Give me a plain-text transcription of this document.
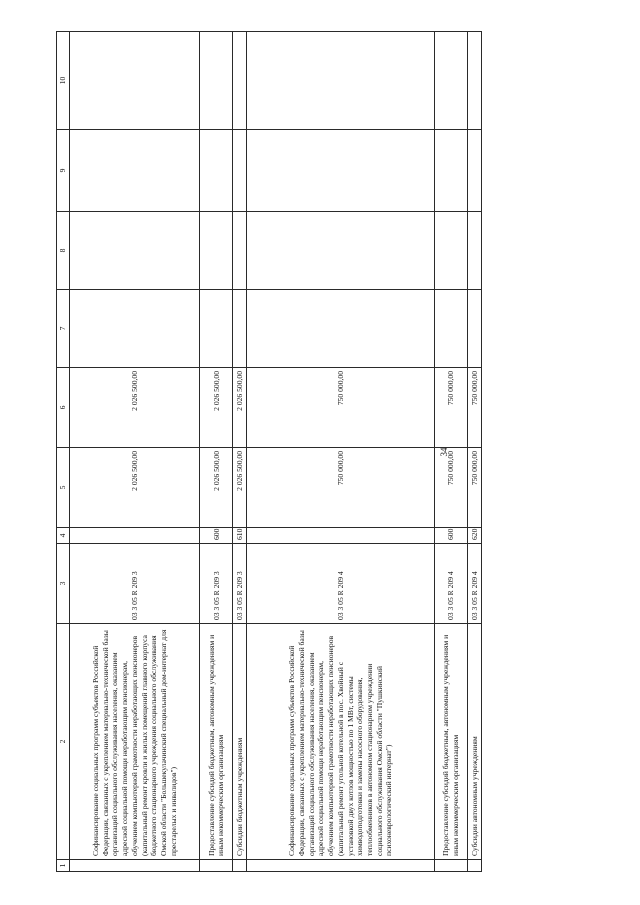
34
1	2	3	4	5	6	7	8	9	10
	Софинансирование социальных программ субъектов Российской Федерации, связанных с укреплением материально-технической базы организаций социального обслуживания населения, оказанием адресной социальной помощи неработающим пенсионерам, обучением компьютерной грамотности неработающих пенсионеров (капитальный ремонт кровли и жилых помещений главного корпуса бюджетного стационарного учреждения социального обслуживания Омской области "Большекулачинский специальный дом-интернат для престарелых и инвалидов")	03 3 05 R 209 3		2 026 500,00	2 026 500,00				
	Предоставление субсидий бюджетным, автономным учреждениям и иным некоммерческим организациям	03 3 05 R 209 3	600	2 026 500,00	2 026 500,00				
	Субсидии бюджетным учреждениям	03 3 05 R 209 3	610	2 026 500,00	2 026 500,00				
	Софинансирование социальных программ субъектов Российской Федерации, связанных с укреплением материально-технической базы организаций социального обслуживания населения, оказанием адресной социальной помощи неработающим пенсионерам, обучением компьютерной грамотности неработающих пенсионеров (капитальный ремонт угольной котельной в пос. Хвойный с установкой двух котлов мощностью по 1 МВт, системы химводоподготовки и замены насосного оборудования, теплообменников в автономном стационарном учреждении социального обслуживания Омской области "Пушкинский психоневрологический интернат")	03 3 05 R 209 4		750 000,00	750 000,00				
	Предоставление субсидий бюджетным, автономным учреждениям и иным некоммерческим организациям	03 3 05 R 209 4	600	750 000,00	750 000,00				
	Субсидии автономным учреждениям	03 3 05 R 209 4	620	750 000,00	750 000,00				
